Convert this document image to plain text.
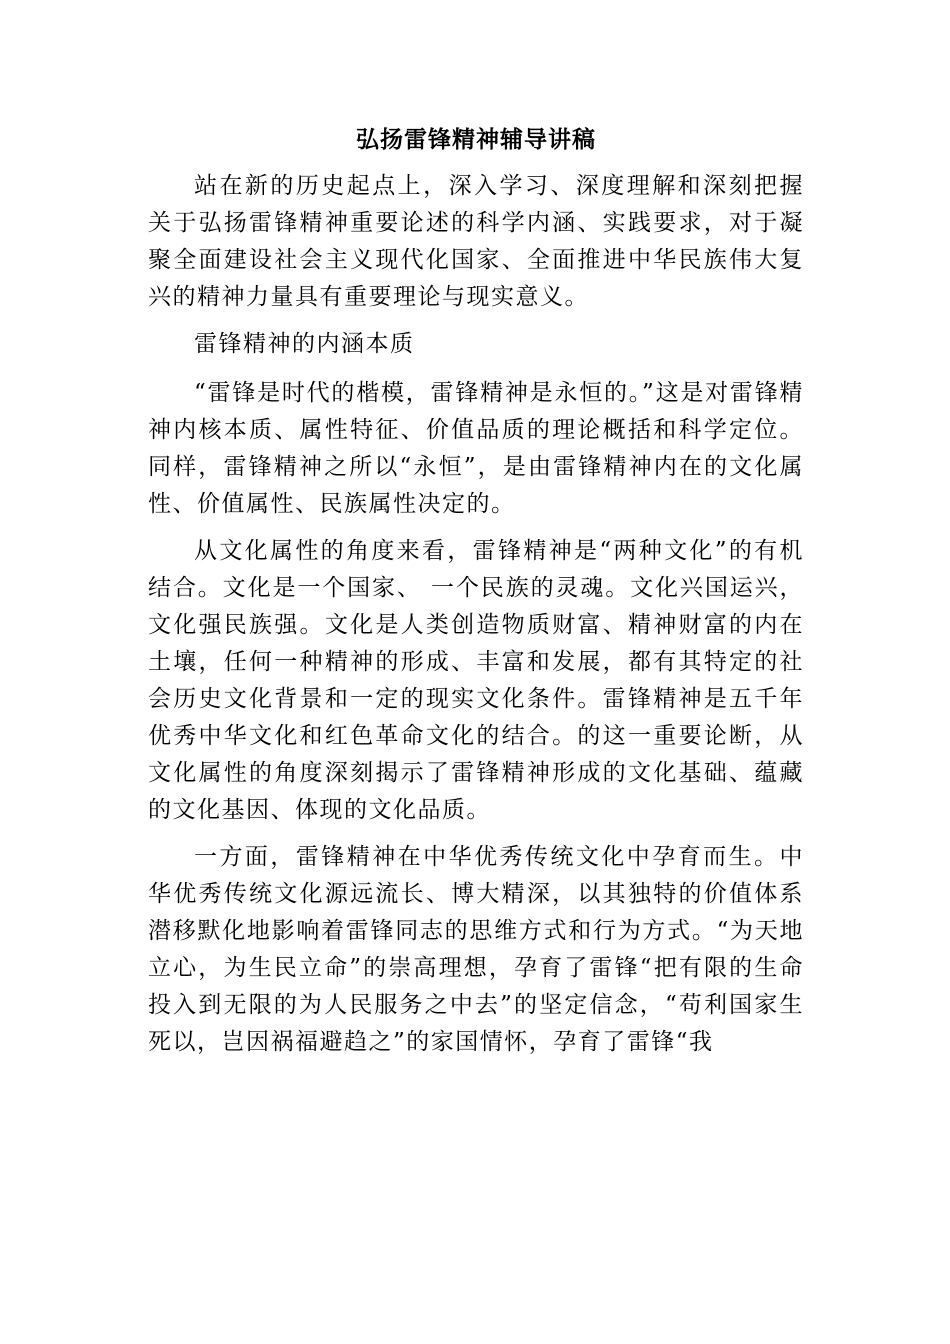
弘扬雷锋精神辅导讲稿

站在新的历史起点上，深入学习、深度理解和深刻把握关于弘扬雷锋精神重要论述的科学内涵、实践要求，对于凝聚全面建设社会主义现代化国家、全面推进中华民族伟大复兴的精神力量具有重要理论与现实意义。

雷锋精神的内涵本质

“雷锋是时代的楷模，雷锋精神是永恒的。”这是对雷锋精神内核本质、属性特征、价值品质的理论概括和科学定位。同样，雷锋精神之所以“永恒”，是由雷锋精神内在的文化属性、价值属性、民族属性决定的。

从文化属性的角度来看，雷锋精神是“两种文化”的有机结合。文化是一个国家、 一个民族的灵魂。文化兴国运兴，文化强民族强。文化是人类创造物质财富、精神财富的内在土壤，任何一种精神的形成、丰富和发展，都有其特定的社会历史文化背景和一定的现实文化条件。雷锋精神是五千年优秀中华文化和红色革命文化的结合。的这一重要论断，从文化属性的角度深刻揭示了雷锋精神形成的文化基础、蕴藏的文化基因、体现的文化品质。

一方面，雷锋精神在中华优秀传统文化中孕育而生。中华优秀传统文化源远流长、博大精深，以其独特的价值体系潜移默化地影响着雷锋同志的思维方式和行为方式。“为天地立心，为生民立命”的崇高理想，孕育了雷锋“把有限的生命投入到无限的为人民服务之中去”的坚定信念，“苟利国家生死以，岂因祸福避趋之”的家国情怀，孕育了雷锋“我
